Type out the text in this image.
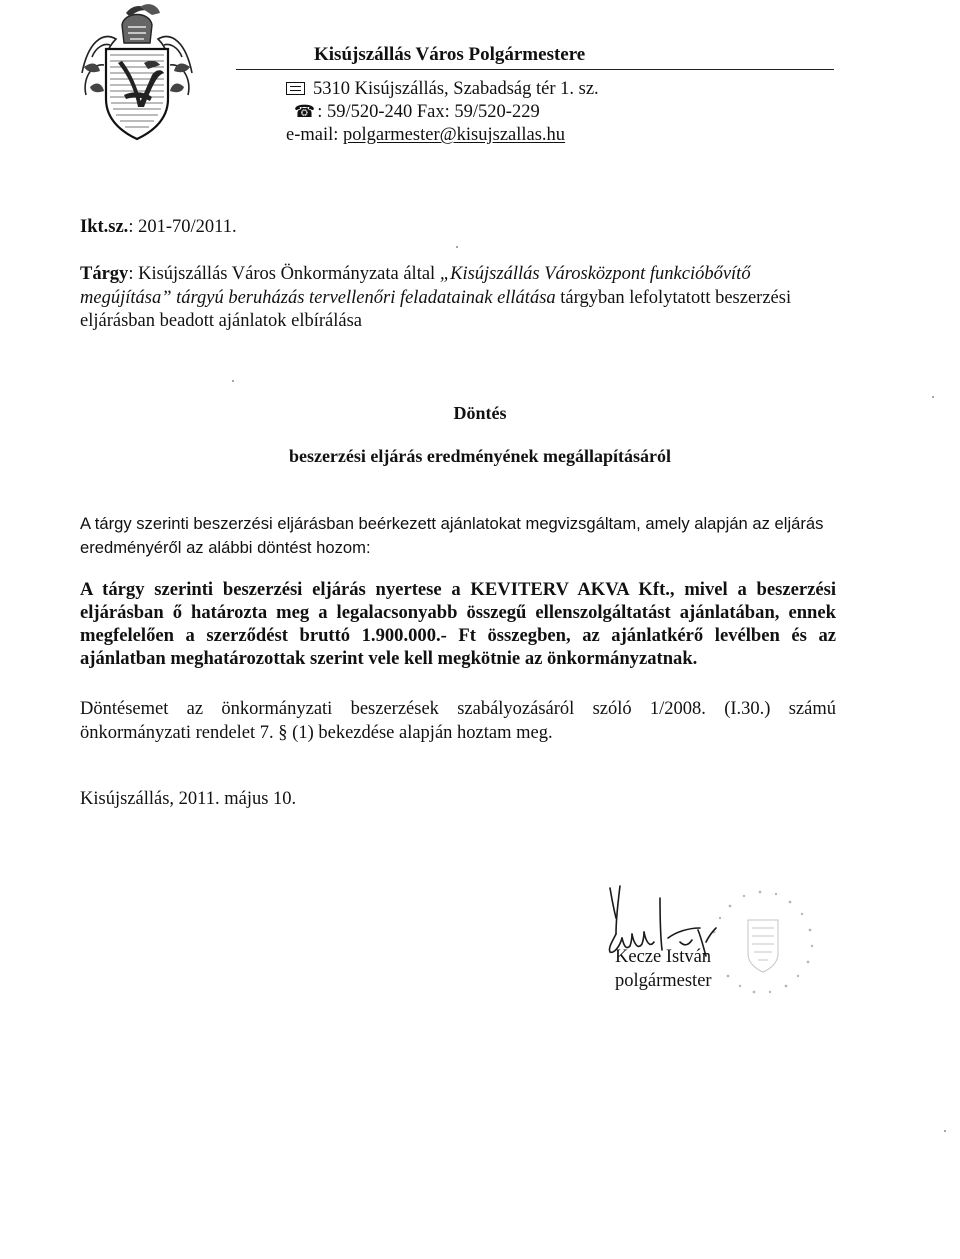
Kisújszállás Város Polgármestere
5310 Kisújszállás, Szabadság tér 1. sz.
☎ : 59/520-240 Fax: 59/520-229
e-mail: polgarmester@kisujszallas.hu
Ikt.sz.: 201-70/2011.
Tárgy: Kisújszállás Város Önkormányzata által „Kisújszállás Városközpont funkcióbővítő megújítása” tárgyú beruházás tervellenőri feladatainak ellátása tárgyban lefolytatott beszerzési eljárásban beadott ajánlatok elbírálása
Döntés
beszerzési eljárás eredményének megállapításáról
A tárgy szerinti beszerzési eljárásban beérkezett ajánlatokat megvizsgáltam, amely alapján az eljárás eredményéről az alábbi döntést hozom:
A tárgy szerinti beszerzési eljárás nyertese a KEVITERV AKVA Kft., mivel a beszerzési eljárásban ő határozta meg a legalacsonyabb összegű ellenszolgáltatást ajánlatában, ennek megfelelően a szerződést bruttó 1.900.000.- Ft összegben, az ajánlatkérő levélben és az ajánlatban meghatározottak szerint vele kell megkötnie az önkormányzatnak.
Döntésemet az önkormányzati beszerzések szabályozásáról szóló 1/2008. (I.30.) számú önkormányzati rendelet 7. § (1) bekezdése alapján hoztam meg.
Kisújszállás, 2011. május 10.
Kecze István
polgármester
